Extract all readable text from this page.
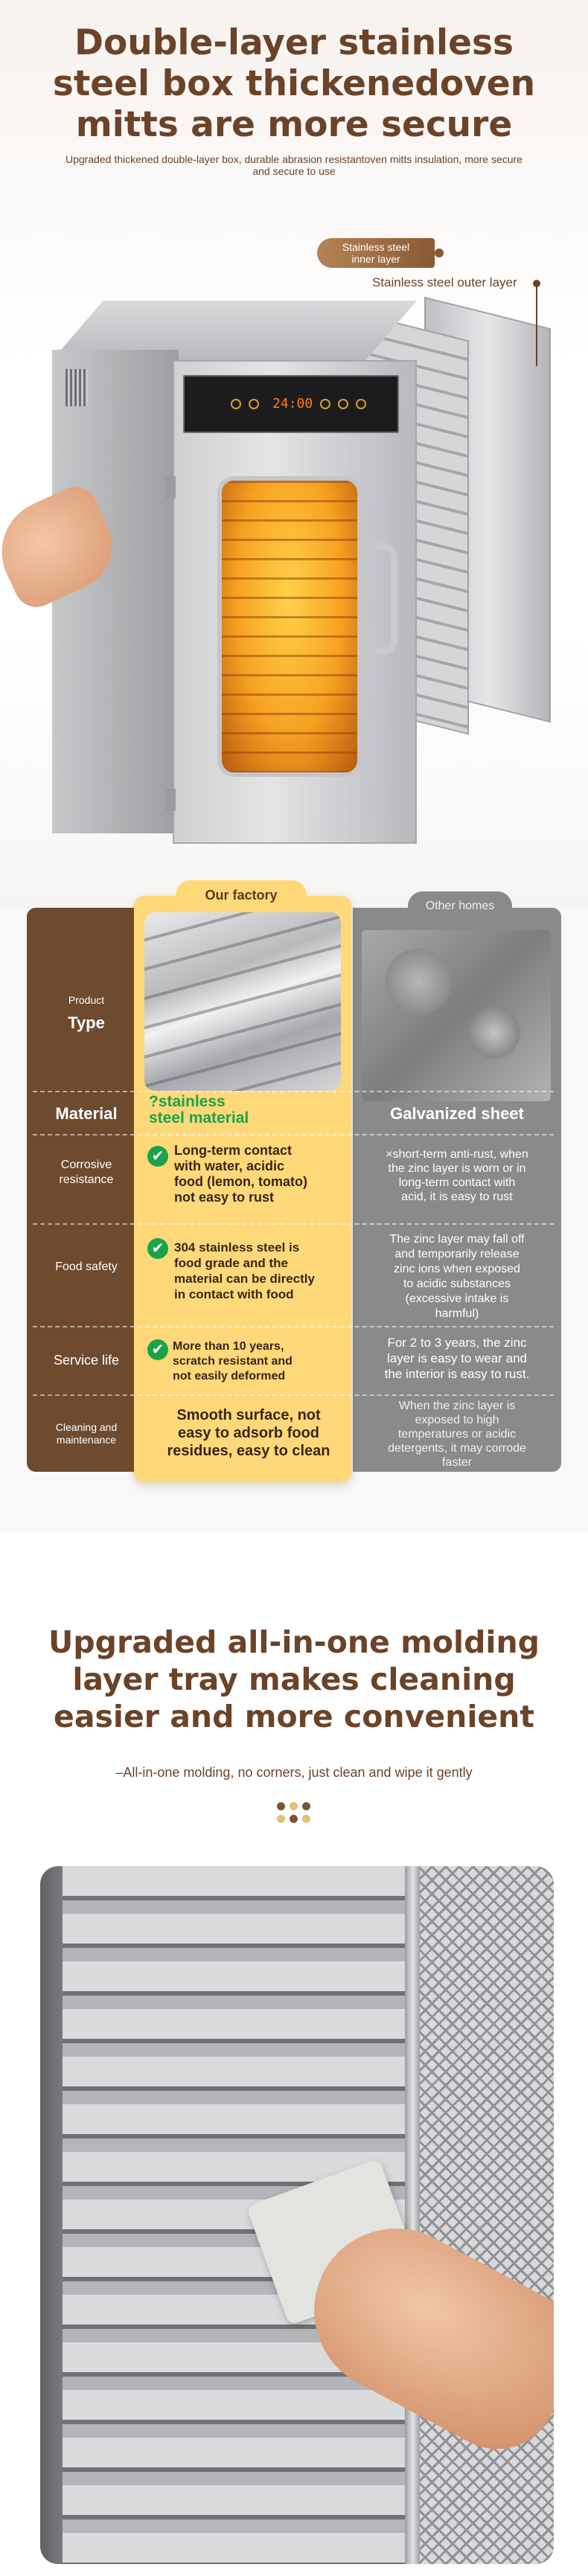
Double-layer stainless
steel box thickenedoven
mitts are more secure
Upgraded thickened double-layer box, durable abrasion resistantoven mitts insulation, more secure
and secure to use
24:00
Stainless steel
inner layer
Stainless steel outer layer
Our factory
Other homes
Product
Type
Material
?stainless
steel material	Galvanized sheet
Corrosive
resistance
✔ Long-term contact
with water, acidic
food (lemon, tomato)
not easy to rust
×short-term anti-rust, when
the zinc layer is worn or in
long-term contact with
acid, it is easy to rust
Food safety
✔ 304 stainless steel is
food grade and the
material can be directly
in contact with food
The zinc layer may fall off
and temporarily release
zinc ions when exposed
to acidic substances
(excessive intake is
harmful)
Service life
✔ More than 10 years,
scratch resistant and
not easily deformed
For 2 to 3 years, the zinc
layer is easy to wear and
the interior is easy to rust.
Cleaning and
maintenance
Smooth surface, not
easy to adsorb food
residues, easy to clean
When the zinc layer is
exposed to high
temperatures or acidic
detergents, it may corrode
faster
Upgraded all-in-one molding
layer tray makes cleaning
easier and more convenient
–All-in-one molding, no corners, just clean and wipe it gently
